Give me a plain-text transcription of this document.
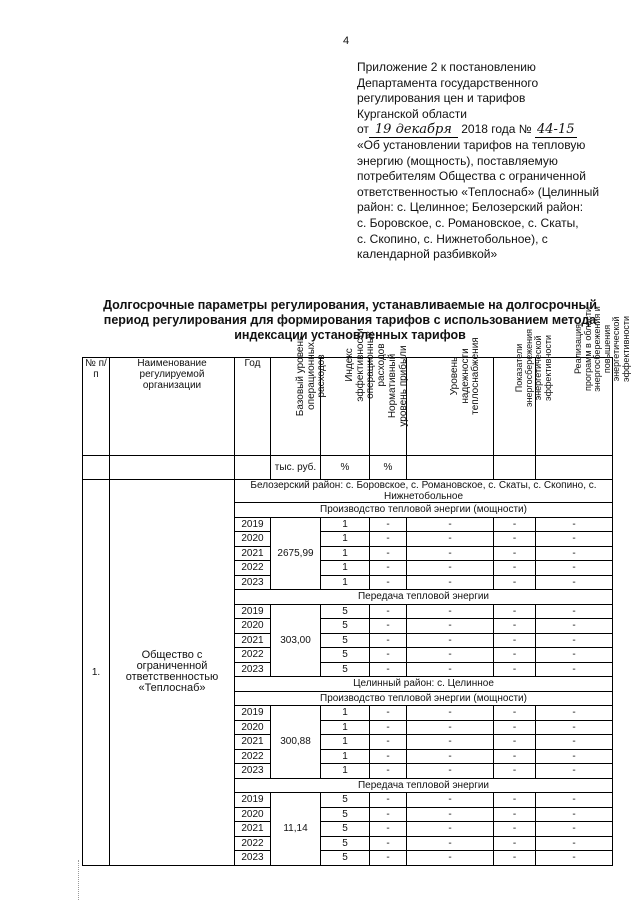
4
Приложение 2 к постановлению
Департамента государственного
регулирования цен и тарифов
Курганской области
от 19 декабря 2018 года № 44-15
«Об установлении тарифов на тепловую
энергию (мощность), поставляемую
потребителям Общества с ограниченной
ответственностью «Теплоснаб» (Целинный
район: с. Целинное; Белозерский район:
с. Боровское, с. Романовское, с. Скаты,
с. Скопино, с. Нижнетобольное), с
календарной разбивкой»
Долгосрочные параметры регулирования, устанавливаемые на долгосрочный
период регулирования для формирования тарифов с использованием метода
индексации установленных тарифов
№ п/п	Наименование регулируемой организации	Год	Базовый уровень операционных расходов	Индекс эффективности операционных расходов	Нормативный уровень прибыли	Уровень надежности теплоснабжения	Показатели энергосбережения энергетической эффективности	Реализация программ в области энергосбережения и повышения энергетической эффективности

			тыс. руб.	%	%				
1.	Общество с ограниченной ответственностью «Теплоснаб»	Белозерский район: с. Боровское, с. Романовское, с. Скаты, с. Скопино, с. Нижнетобольное							
		Производство тепловой энергии (мощности)							
		2019	2675,99	1	-	-	-	-	
		2020		1	-	-	-	-	
		2021		1	-	-	-	-	
		2022		1	-	-	-	-	
		2023		1	-	-	-	-	
		Передача тепловой энергии							
		2019	303,00	5	-	-	-	-	
		2020		5	-	-	-	-	
		2021		5	-	-	-	-	
		2022		5	-	-	-	-	
		2023		5	-	-	-	-	
		Целинный район: с. Целинное							
		Производство тепловой энергии (мощности)							
		2019	300,88	1	-	-	-	-	
		2020		1	-	-	-	-	
		2021		1	-	-	-	-	
		2022		1	-	-	-	-	
		2023		1	-	-	-	-	
		Передача тепловой энергии							
		2019	11,14	5	-	-	-	-	
		2020		5	-	-	-	-	
		2021		5	-	-	-	-	
		2022		5	-	-	-	-	
		2023		5	-	-	-	-	
